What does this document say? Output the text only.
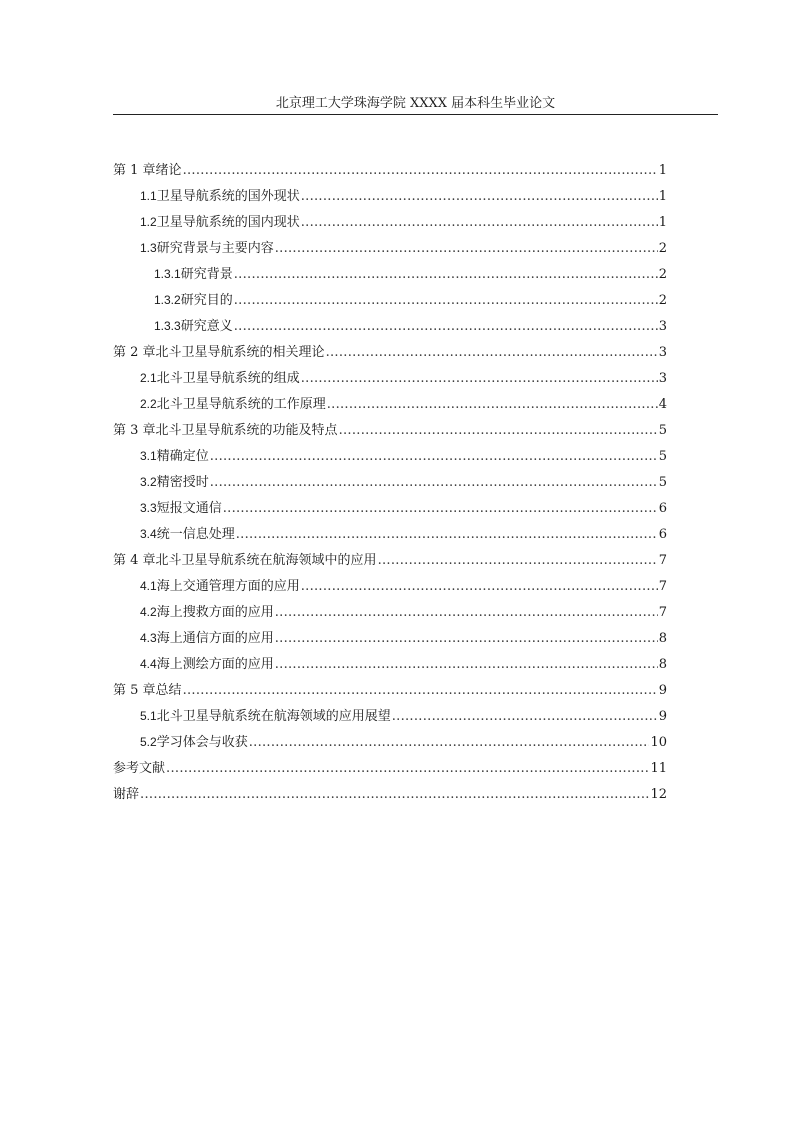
北京理工大学珠海学院 XXXX 届本科生毕业论文
第 1 章 绪论 .....	1
1.1 卫星导航系统的国外现状 .....	1
1.2 卫星导航系统的国内现状 .....	1
1.3 研究背景与主要内容 .....	2
1.3.1 研究背景 .....	2
1.3.2 研究目的 .....	2
1.3.3 研究意义 .....	3
第 2 章 北斗卫星导航系统的相关理论 .....	3
2.1 北斗卫星导航系统的组成 .....	3
2.2 北斗卫星导航系统的工作原理 .....	4
第 3 章 北斗卫星导航系统的功能及特点 .....	5
3.1 精确定位 .....	5
3.2 精密授时 .....	5
3.3 短报文通信 .....	6
3.4 统一信息处理 .....	6
第 4 章 北斗卫星导航系统在航海领域中的应用 .....	7
4.1 海上交通管理方面的应用 .....	7
4.2 海上搜救方面的应用 .....	7
4.3 海上通信方面的应用 .....	8
4.4 海上测绘方面的应用 .....	8
第 5 章 总结 .....	9
5.1 北斗卫星导航系统在航海领域的应用展望 .....	9
5.2 学习体会与收获 .....	10
参考文献 .....	11
谢辞 .....	12
